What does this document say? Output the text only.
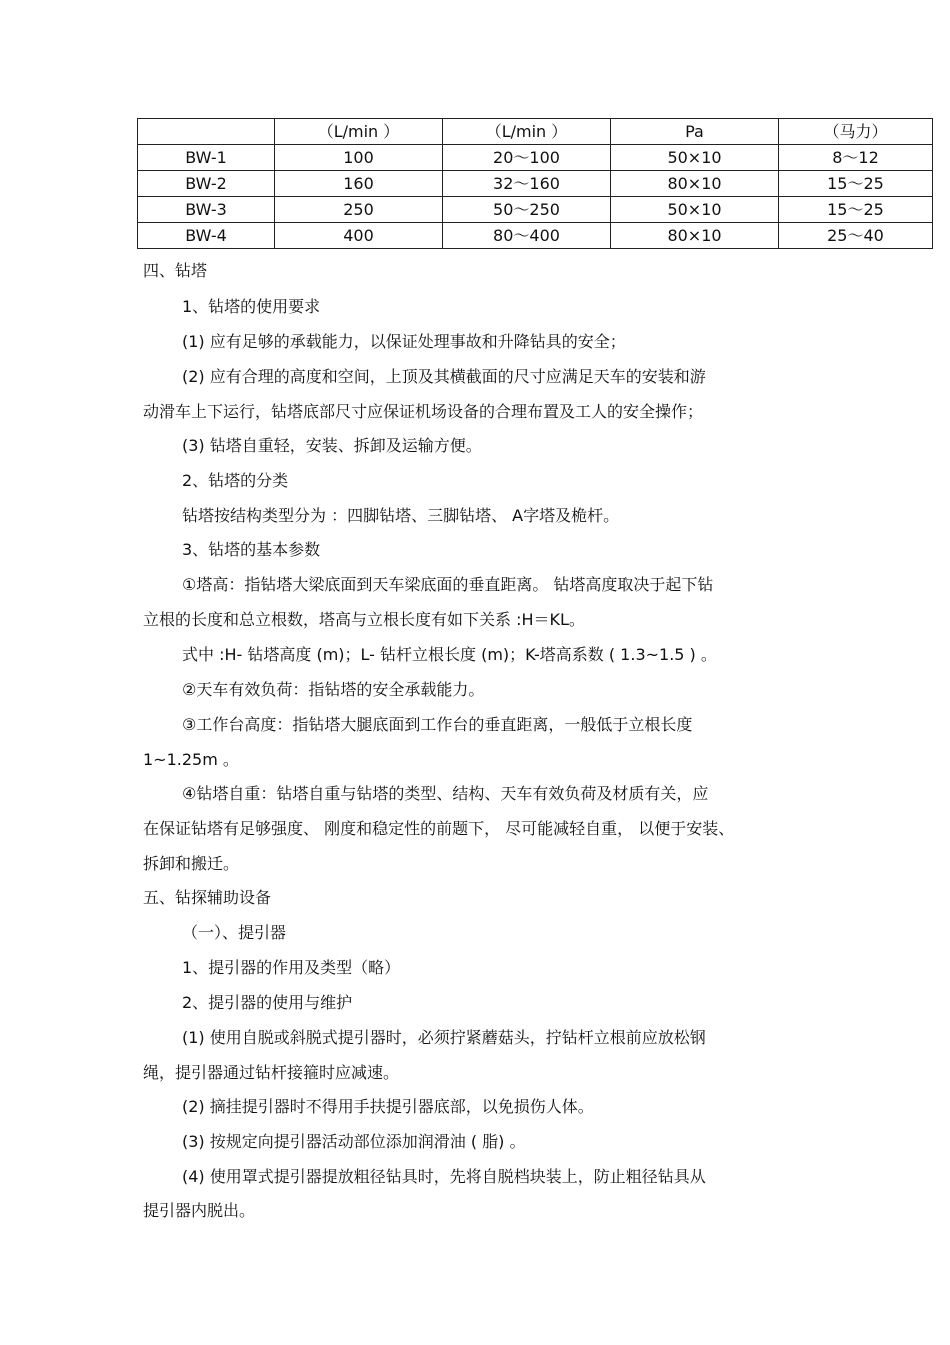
	（L/min ）	（L/min ）	Pa	（马力）
BW-1	100	20～100	50×10	8～12
BW-2	160	32～160	80×10	15～25
BW-3	250	50～250	50×10	15～25
BW-4	400	80～400	80×10	25～40
四、钻塔
1、钻塔的使用要求
(1) 应有足够的承载能力，以保证处理事故和升降钻具的安全；
(2) 应有合理的高度和空间，上顶及其横截面的尺寸应满足天车的安装和游
动滑车上下运行，钻塔底部尺寸应保证机场设备的合理布置及工人的安全操作；
(3) 钻塔自重轻，安装、拆卸及运输方便。
2、钻塔的分类
钻塔按结构类型分为 ：四脚钻塔、三脚钻塔、 A字塔及桅杆。
3、钻塔的基本参数
①塔高：指钻塔大梁底面到天车梁底面的垂直距离。 钻塔高度取决于起下钻
立根的长度和总立根数，塔高与立根长度有如下关系 :H＝KL。
式中 :H- 钻塔高度 (m)；L- 钻杆立根长度 (m)；K-塔高系数 ( 1.3~1.5 ) 。
②天车有效负荷：指钻塔的安全承载能力。
③工作台高度：指钻塔大腿底面到工作台的垂直距离，一般低于立根长度
1~1.25m 。
④钻塔自重：钻塔自重与钻塔的类型、结构、天车有效负荷及材质有关，应
在保证钻塔有足够强度、 刚度和稳定性的前题下， 尽可能减轻自重， 以便于安装、
拆卸和搬迁。
五、钻探辅助设备
（一）、提引器
1、提引器的作用及类型（略）
2、提引器的使用与维护
(1) 使用自脱或斜脱式提引器时，必须拧紧蘑菇头，拧钻杆立根前应放松钢
绳，提引器通过钻杆接箍时应减速。
(2) 摘挂提引器时不得用手扶提引器底部，以免损伤人体。
(3) 按规定向提引器活动部位添加润滑油 ( 脂) 。
(4) 使用罩式提引器提放粗径钻具时，先将自脱档块装上，防止粗径钻具从
提引器内脱出。
